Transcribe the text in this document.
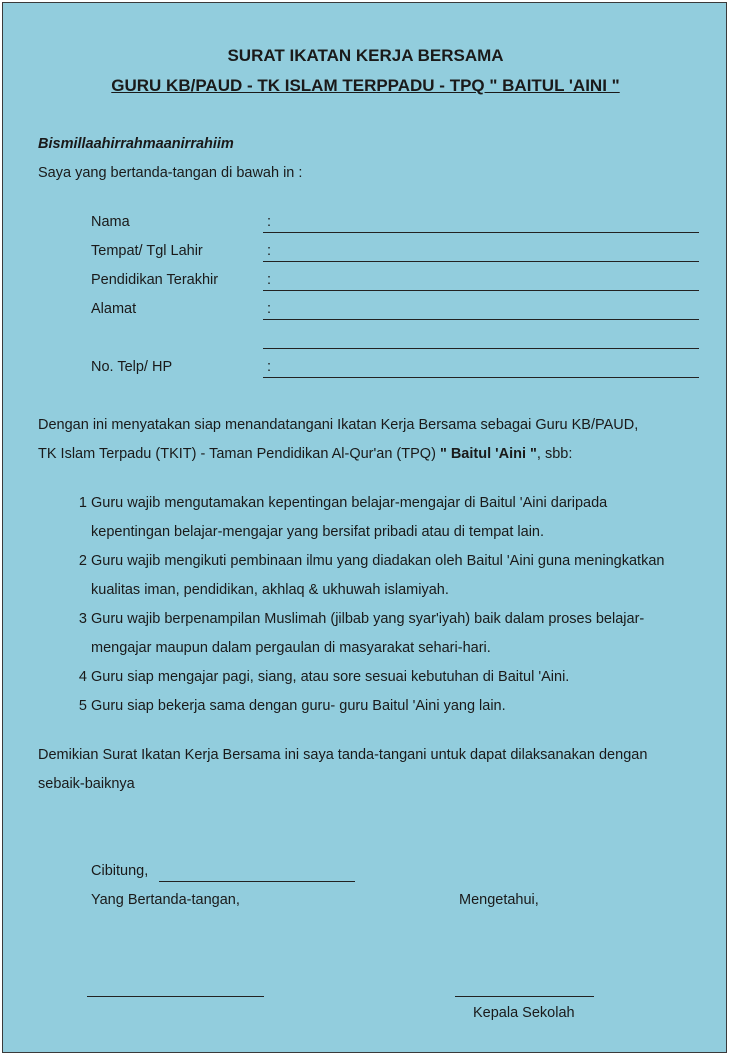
SURAT IKATAN KERJA BERSAMA
GURU KB/PAUD - TK ISLAM TERPPADU - TPQ " BAITUL 'AINI "
Bismillaahirrahmaanirrahiim
Saya yang bertanda-tangan di bawah in :
Nama	:
Tempat/ Tgl Lahir	:
Pendidikan Terakhir	:
Alamat	:
No. Telp/ HP	:
Dengan ini menyatakan siap menandatangani Ikatan Kerja Bersama sebagai Guru KB/PAUD,
TK Islam Terpadu (TKIT) - Taman Pendidikan Al-Qur'an (TPQ) " Baitul 'Aini ", sbb:
1 Guru wajib mengutamakan kepentingan belajar-mengajar di Baitul 'Aini daripada
kepentingan belajar-mengajar yang bersifat pribadi atau di tempat lain.
2 Guru wajib mengikuti pembinaan ilmu yang diadakan oleh Baitul 'Aini guna meningkatkan
kualitas iman, pendidikan, akhlaq & ukhuwah islamiyah.
3 Guru wajib berpenampilan Muslimah (jilbab yang syar'iyah) baik dalam proses belajar-
mengajar maupun dalam pergaulan di masyarakat sehari-hari.
4 Guru siap mengajar pagi, siang, atau sore sesuai kebutuhan di Baitul 'Aini.
5 Guru siap bekerja sama dengan guru- guru Baitul 'Aini yang lain.
Demikian Surat Ikatan Kerja Bersama ini saya tanda-tangani untuk dapat dilaksanakan dengan
sebaik-baiknya
Cibitung,
Yang Bertanda-tangan,	Mengetahui,
Kepala Sekolah
